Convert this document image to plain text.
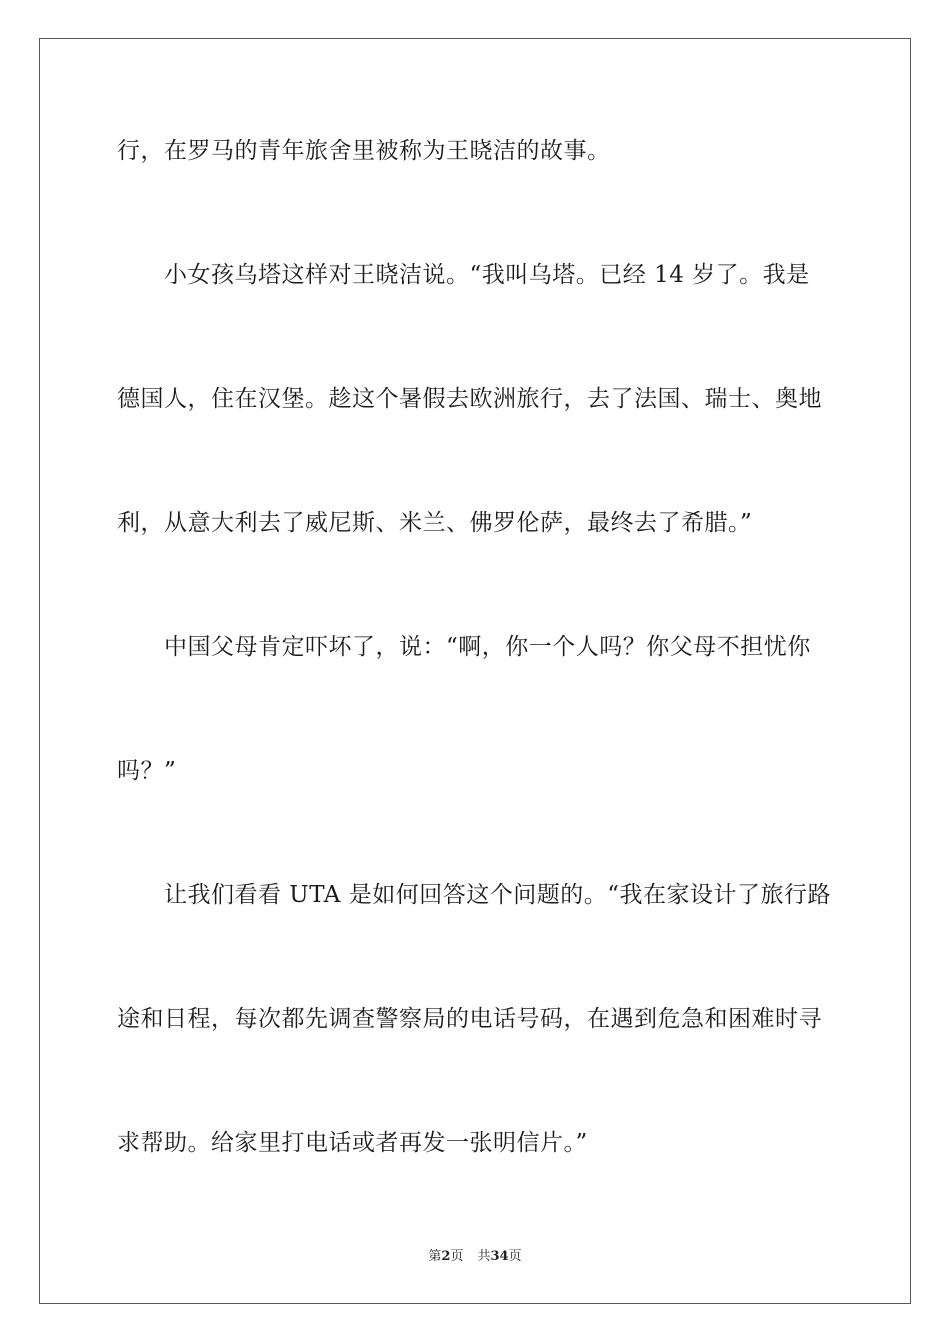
行，在罗马的青年旅舍里被称为王晓洁的故事。
小女孩乌塔这样对王晓洁说。“我叫乌塔。已经 14 岁了。我是
德国人，住在汉堡。趁这个暑假去欧洲旅行，去了法国、瑞士、奥地
利，从意大利去了威尼斯、米兰、佛罗伦萨，最终去了希腊。”
中国父母肯定吓坏了，说：“啊，你一个人吗？你父母不担忧你
吗？”
让我们看看 UTA 是如何回答这个问题的。“我在家设计了旅行路
途和日程，每次都先调查警察局的电话号码，在遇到危急和困难时寻
求帮助。给家里打电话或者再发一张明信片。”
第2页 共34页
